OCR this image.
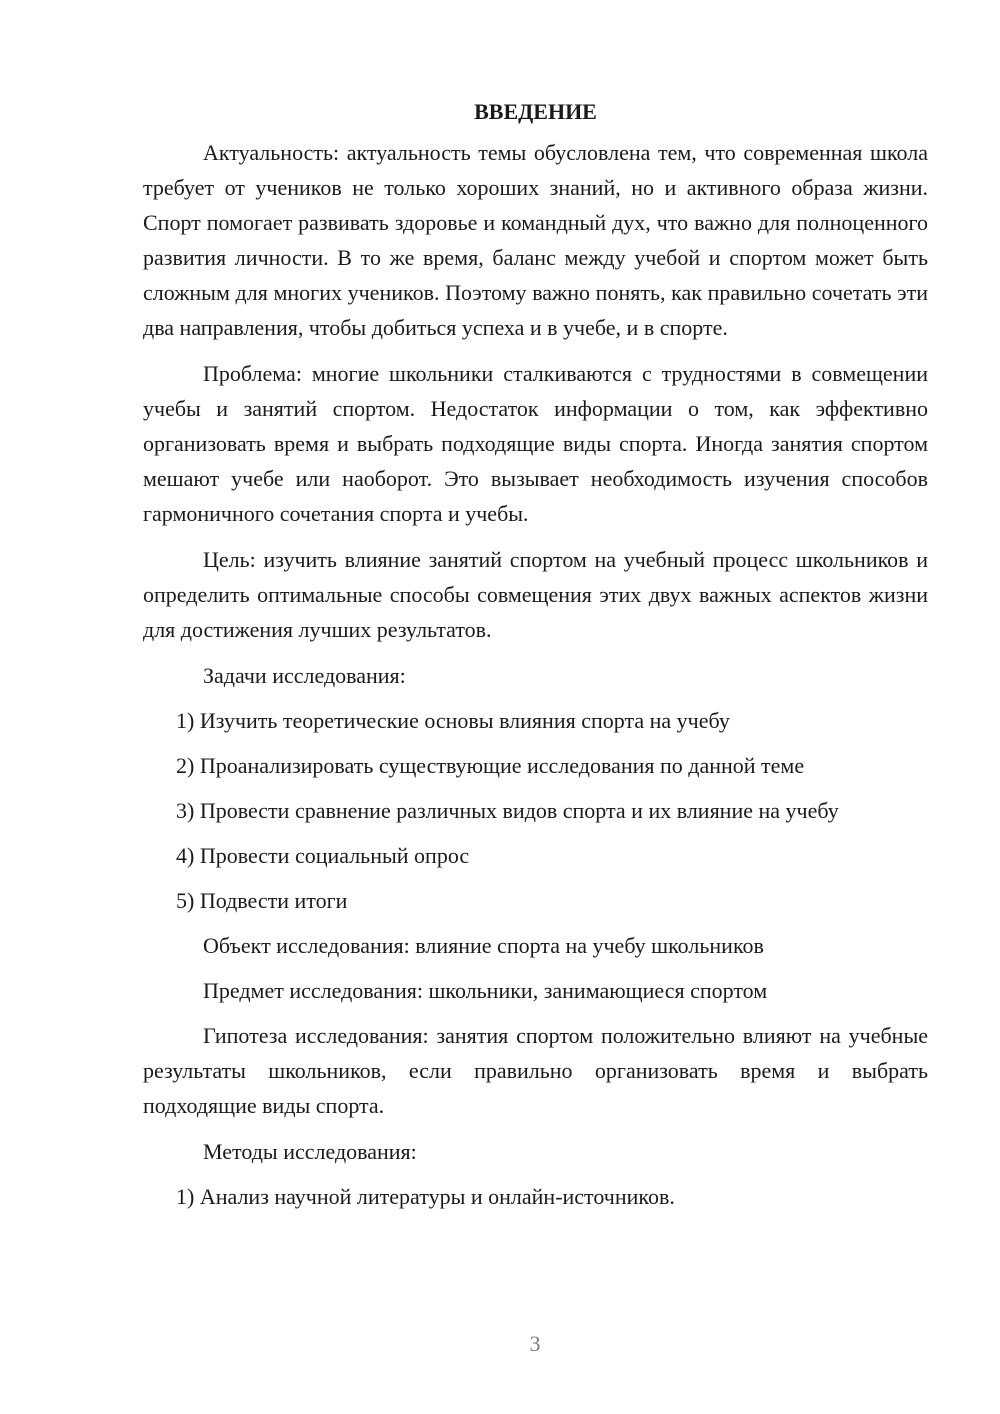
ВВЕДЕНИЕ

Актуальность: актуальность темы обусловлена тем, что современная школа требует от учеников не только хороших знаний, но и активного образа жизни. Спорт помогает развивать здоровье и командный дух, что важно для полноценного развития личности. В то же время, баланс между учебой и спортом может быть сложным для многих учеников. Поэтому важно понять, как правильно сочетать эти два направления, чтобы добиться успеха и в учебе, и в спорте.

Проблема: многие школьники сталкиваются с трудностями в совмещении учебы и занятий спортом. Недостаток информации о том, как эффективно организовать время и выбрать подходящие виды спорта. Иногда занятия спортом мешают учебе или наоборот. Это вызывает необходимость изучения способов гармоничного сочетания спорта и учебы.

Цель: изучить влияние занятий спортом на учебный процесс школьников и определить оптимальные способы совмещения этих двух важных аспектов жизни для достижения лучших результатов.

Задачи исследования:
1) Изучить теоретические основы влияния спорта на учебу
2) Проанализировать существующие исследования по данной теме
3) Провести сравнение различных видов спорта и их влияние на учебу
4) Провести социальный опрос
5) Подвести итоги
Объект исследования: влияние спорта на учебу школьников
Предмет исследования: школьники, занимающиеся спортом

Гипотеза исследования: занятия спортом положительно влияют на учебные результаты школьников, если правильно организовать время и выбрать подходящие виды спорта.

Методы исследования:
1) Анализ научной литературы и онлайн-источников.
3
